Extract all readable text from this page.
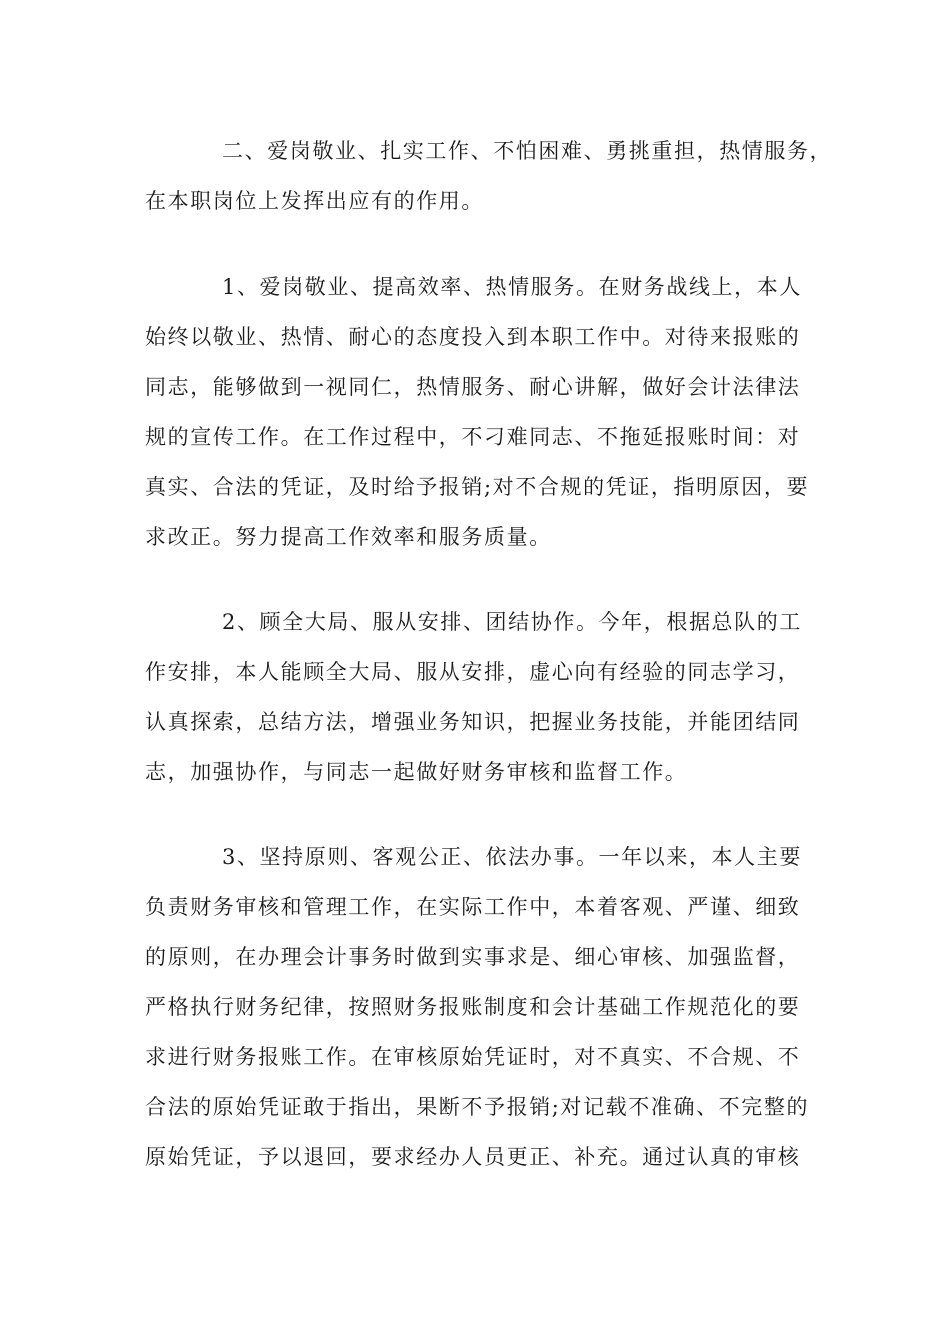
二、爱岗敬业、扎实工作、不怕困难、勇挑重担，热情服务，
在本职岗位上发挥出应有的作用。
1、爱岗敬业、提高效率、热情服务。在财务战线上，本人
始终以敬业、热情、耐心的态度投入到本职工作中。对待来报账的
同志，能够做到一视同仁，热情服务、耐心讲解，做好会计法律法
规的宣传工作。在工作过程中，不刁难同志、不拖延报账时间：对
真实、合法的凭证，及时给予报销;对不合规的凭证，指明原因，要
求改正。努力提高工作效率和服务质量。
2、顾全大局、服从安排、团结协作。今年，根据总队的工
作安排，本人能顾全大局、服从安排，虚心向有经验的同志学习，
认真探索，总结方法，增强业务知识，把握业务技能，并能团结同
志，加强协作，与同志一起做好财务审核和监督工作。
3、坚持原则、客观公正、依法办事。一年以来，本人主要
负责财务审核和管理工作，在实际工作中，本着客观、严谨、细致
的原则，在办理会计事务时做到实事求是、细心审核、加强监督，
严格执行财务纪律，按照财务报账制度和会计基础工作规范化的要
求进行财务报账工作。在审核原始凭证时，对不真实、不合规、不
合法的原始凭证敢于指出，果断不予报销;对记载不准确、不完整的
原始凭证，予以退回，要求经办人员更正、补充。通过认真的审核
